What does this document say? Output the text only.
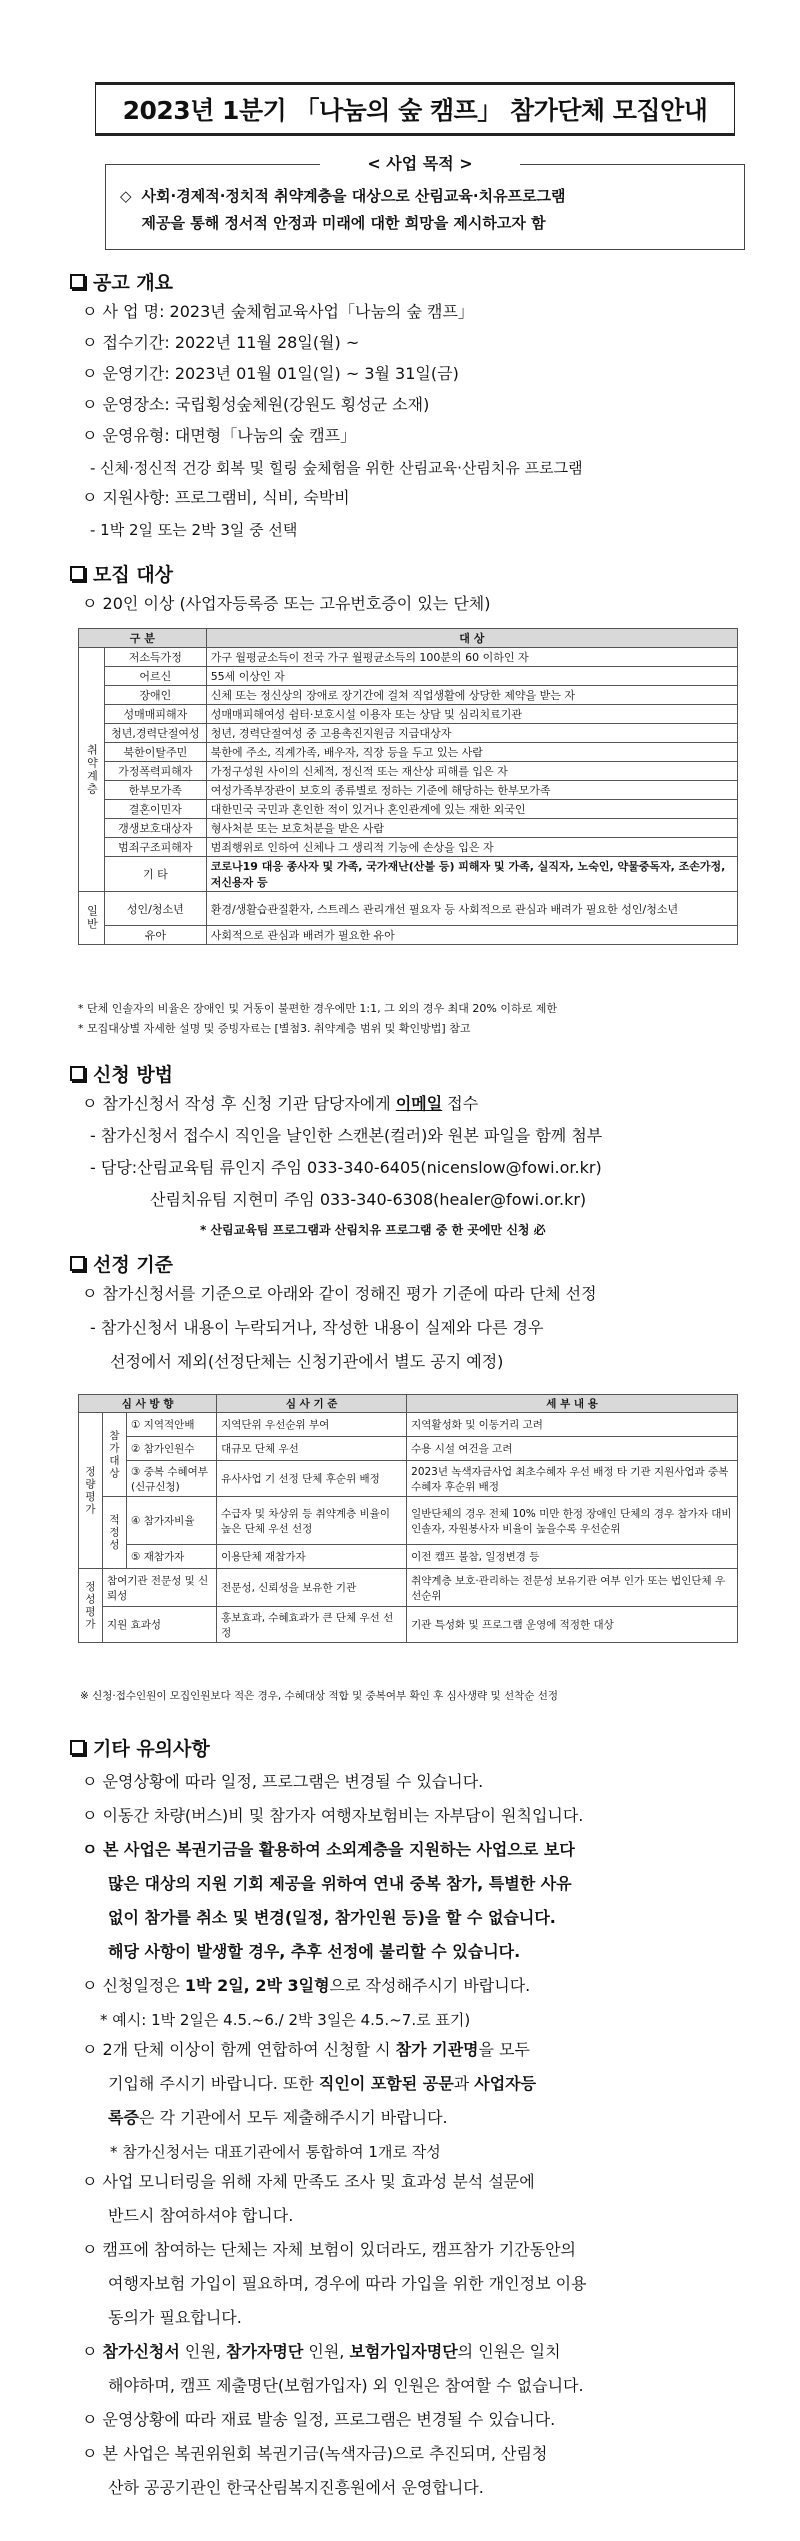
2023년 1분기 「나눔의 숲 캠프」 참가단체 모집안내
< 사업 목적 >
◇ 사회·경제적·정치적 취약계층을 대상으로 산림교육·치유프로그램
제공을 통해 정서적 안정과 미래에 대한 희망을 제시하고자 함
공고 개요
ㅇ 사 업 명: 2023년 숲체험교육사업「나눔의 숲 캠프」
ㅇ 접수기간: 2022년 11월 28일(월) ~
ㅇ 운영기간: 2023년 01월 01일(일) ~ 3월 31일(금)
ㅇ 운영장소: 국립횡성숲체원(강원도 횡성군 소재)
ㅇ 운영유형: 대면형「나눔의 숲 캠프」
- 신체·정신적 건강 회복 및 힐링 숲체험을 위한 산림교육·산림치유 프로그램
ㅇ 지원사항: 프로그램비, 식비, 숙박비
- 1박 2일 또는 2박 3일 중 선택
모집 대상
ㅇ 20인 이상 (사업자등록증 또는 고유번호증이 있는 단체)
구 분		대 상
취약계층	저소득가정	가구 월평균소득이 전국 가구 월평균소득의 100분의 60 이하인 자
	어르신	55세 이상인 자
	장애인	신체 또는 정신상의 장애로 장기간에 걸쳐 직업생활에 상당한 제약을 받는 자
	성매매피해자	성매매피해여성 쉼터·보호시설 이용자 또는 상담 및 심리치료기관
	청년,경력단절여성	청년, 경력단절여성 중 고용촉진지원금 지급대상자
	북한이탈주민	북한에 주소, 직계가족, 배우자, 직장 등을 두고 있는 사람
	가정폭력피해자	가정구성원 사이의 신체적, 정신적 또는 재산상 피해를 입은 자
	한부모가족	여성가족부장관이 보호의 종류별로 정하는 기준에 해당하는 한부모가족
	결혼이민자	대한민국 국민과 혼인한 적이 있거나 혼인관계에 있는 재한 외국인
	갱생보호대상자	형사처분 또는 보호처분을 받은 사람
	범죄구조피해자	범죄행위로 인하여 신체나 그 생리적 기능에 손상을 입은 자
	기 타	코로나19 대응 종사자 및 가족, 국가재난(산불 등) 피해자 및 가족, 실직자, 노숙인, 약물중독자, 조손가정, 저신용자 등
일반	성인/청소년	환경/생활습관질환자, 스트레스 관리개선 필요자 등 사회적으로 관심과 배려가 필요한 성인/청소년
	유아	사회적으로 관심과 배려가 필요한 유아
* 단체 인솔자의 비율은 장애인 및 거동이 불편한 경우에만 1:1, 그 외의 경우 최대 20% 이하로 제한
* 모집대상별 자세한 설명 및 증빙자료는 [별첨3. 취약계층 범위 및 확인방법] 참고
신청 방법
ㅇ 참가신청서 작성 후 신청 기관 담당자에게 이메일 접수
- 참가신청서 접수시 직인을 날인한 스캔본(컬러)와 원본 파일을 함께 첨부
- 담당:산림교육팀 류인지 주임 033-340-6405(nicenslow@fowi.or.kr)
산림치유팀 지현미 주임 033-340-6308(healer@fowi.or.kr)
* 산림교육팀 프로그램과 산림치유 프로그램 중 한 곳에만 신청 必
선정 기준
ㅇ 참가신청서를 기준으로 아래와 같이 정해진 평가 기준에 따라 단체 선정
- 참가신청서 내용이 누락되거나, 작성한 내용이 실제와 다른 경우
선정에서 제외(선정단체는 신청기관에서 별도 공지 예정)
심 사 방 향			심 사 기 준	세 부 내 용
정량평가	참가대상	① 지역적안배	지역단위 우선순위 부여	지역활성화 및 이동거리 고려
		② 참가인원수	대규모 단체 우선	수용 시설 여건을 고려
		③ 중복 수혜여부 (신규신청)	유사사업 기 선정 단체 후순위 배정	2023년 녹색자금사업 최초수혜자 우선 배정 타 기관 지원사업과 중복수혜자 후순위 배정
	적정성	④ 참가자비율	수급자 및 차상위 등 취약계층 비율이 높은 단체 우선 선정	일반단체의 경우 전체 10% 미만 한정 장애인 단체의 경우 참가자 대비 인솔자, 자원봉사자 비율이 높을수록 우선순위
		⑤ 재참가자	이용단체 재참가자	이전 캠프 불참, 일정변경 등
정성평가	참여기관 전문성 및 신뢰성		전문성, 신뢰성을 보유한 기관	취약계층 보호·관리하는 전문성 보유기관 여부 인가 또는 법인단체 우선순위
	지원 효과성		홍보효과, 수혜효과가 큰 단체 우선 선정	기관 특성화 및 프로그램 운영에 적정한 대상
※ 신청·접수인원이 모집인원보다 적은 경우, 수혜대상 적합 및 중복여부 확인 후 심사생략 및 선착순 선정
기타 유의사항
ㅇ 운영상황에 따라 일정, 프로그램은 변경될 수 있습니다.
ㅇ 이동간 차량(버스)비 및 참가자 여행자보험비는 자부담이 원칙입니다.
ㅇ 본 사업은 복권기금을 활용하여 소외계층을 지원하는 사업으로 보다
많은 대상의 지원 기회 제공을 위하여 연내 중복 참가, 특별한 사유
없이 참가를 취소 및 변경(일정, 참가인원 등)을 할 수 없습니다.
해당 사항이 발생할 경우, 추후 선정에 불리할 수 있습니다.
ㅇ 신청일정은 1박 2일, 2박 3일형으로 작성해주시기 바랍니다.
* 예시: 1박 2일은 4.5.~6./ 2박 3일은 4.5.~7.로 표기)
ㅇ 2개 단체 이상이 함께 연합하여 신청할 시 참가 기관명을 모두
기입해 주시기 바랍니다. 또한 직인이 포함된 공문과 사업자등
록증은 각 기관에서 모두 제출해주시기 바랍니다.
* 참가신청서는 대표기관에서 통합하여 1개로 작성
ㅇ 사업 모니터링을 위해 자체 만족도 조사 및 효과성 분석 설문에
반드시 참여하셔야 합니다.
ㅇ 캠프에 참여하는 단체는 자체 보험이 있더라도, 캠프참가 기간동안의
여행자보험 가입이 필요하며, 경우에 따라 가입을 위한 개인정보 이용
동의가 필요합니다.
ㅇ 참가신청서 인원, 참가자명단 인원, 보험가입자명단의 인원은 일치
해야하며, 캠프 제출명단(보험가입자) 외 인원은 참여할 수 없습니다.
ㅇ 운영상황에 따라 재료 발송 일정, 프로그램은 변경될 수 있습니다.
ㅇ 본 사업은 복권위원회 복권기금(녹색자금)으로 추진되며, 산림청
산하 공공기관인 한국산림복지진흥원에서 운영합니다.
